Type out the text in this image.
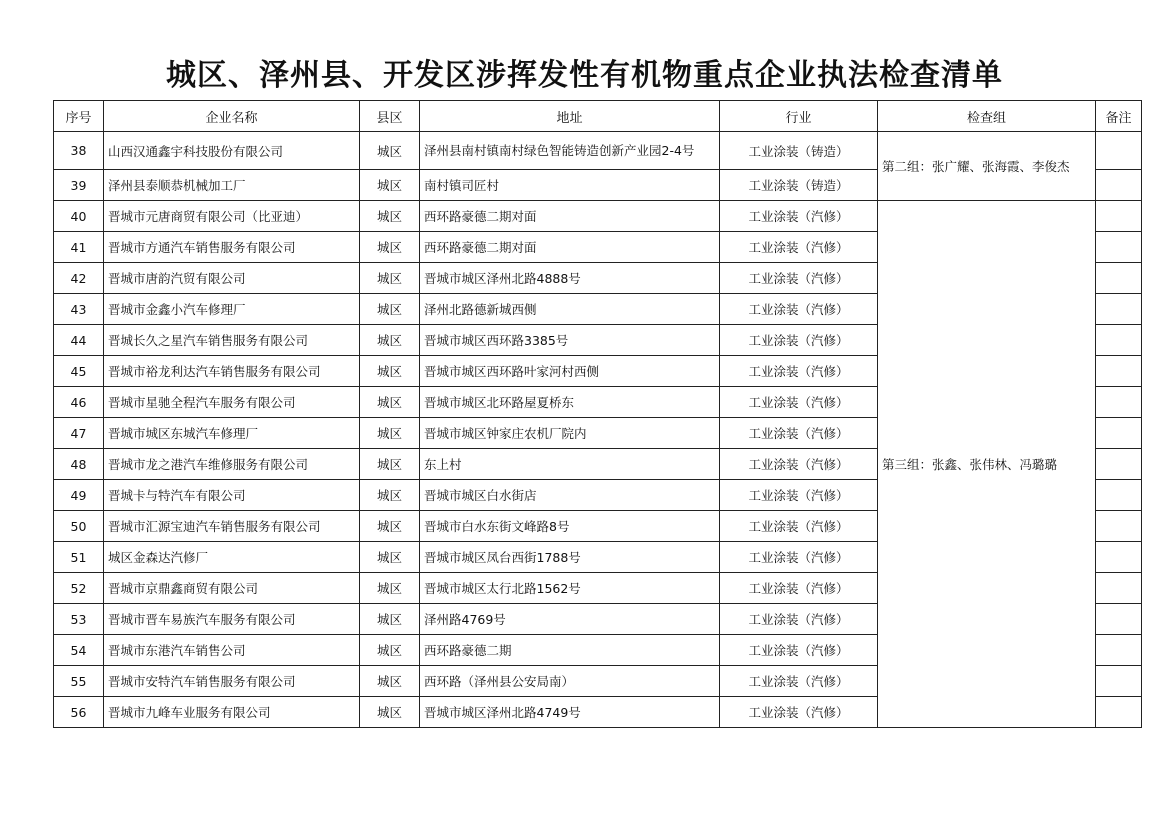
城区、泽州县、开发区涉挥发性有机物重点企业执法检查清单
序号	企业名称	县区	地址	行业	检查组	备注
38	山西汉通鑫宇科技股份有限公司	城区	泽州县南村镇南村绿色智能铸造创新产业园2-4号	工业涂装（铸造）	第二组：张广耀、张海霞、李俊杰	
39	泽州县泰顺恭机械加工厂	城区	南村镇司匠村	工业涂装（铸造）		
40	晋城市元唐商贸有限公司（比亚迪）	城区	西环路豪德二期对面	工业涂装（汽修）	第三组：张鑫、张伟林、冯璐璐	
41	晋城市方通汽车销售服务有限公司	城区	西环路豪德二期对面	工业涂装（汽修）		
42	晋城市唐韵汽贸有限公司	城区	晋城市城区泽州北路4888号	工业涂装（汽修）		
43	晋城市金鑫小汽车修理厂	城区	泽州北路德新城西侧	工业涂装（汽修）		
44	晋城长久之星汽车销售服务有限公司	城区	晋城市城区西环路3385号	工业涂装（汽修）		
45	晋城市裕龙利达汽车销售服务有限公司	城区	晋城市城区西环路叶家河村西侧	工业涂装（汽修）		
46	晋城市星驰全程汽车服务有限公司	城区	晋城市城区北环路屋夏桥东	工业涂装（汽修）		
47	晋城市城区东城汽车修理厂	城区	晋城市城区钟家庄农机厂院内	工业涂装（汽修）		
48	晋城市龙之港汽车维修服务有限公司	城区	东上村	工业涂装（汽修）		
49	晋城卡与特汽车有限公司	城区	晋城市城区白水街店	工业涂装（汽修）		
50	晋城市汇源宝迪汽车销售服务有限公司	城区	晋城市白水东街文峰路8号	工业涂装（汽修）		
51	城区金森达汽修厂	城区	晋城市城区凤台西街1788号	工业涂装（汽修）		
52	晋城市京鼎鑫商贸有限公司	城区	晋城市城区太行北路1562号	工业涂装（汽修）		
53	晋城市晋车易族汽车服务有限公司	城区	泽州路4769号	工业涂装（汽修）		
54	晋城市东港汽车销售公司	城区	西环路豪德二期	工业涂装（汽修）		
55	晋城市安特汽车销售服务有限公司	城区	西环路（泽州县公安局南）	工业涂装（汽修）		
56	晋城市九峰车业服务有限公司	城区	晋城市城区泽州北路4749号	工业涂装（汽修）		
